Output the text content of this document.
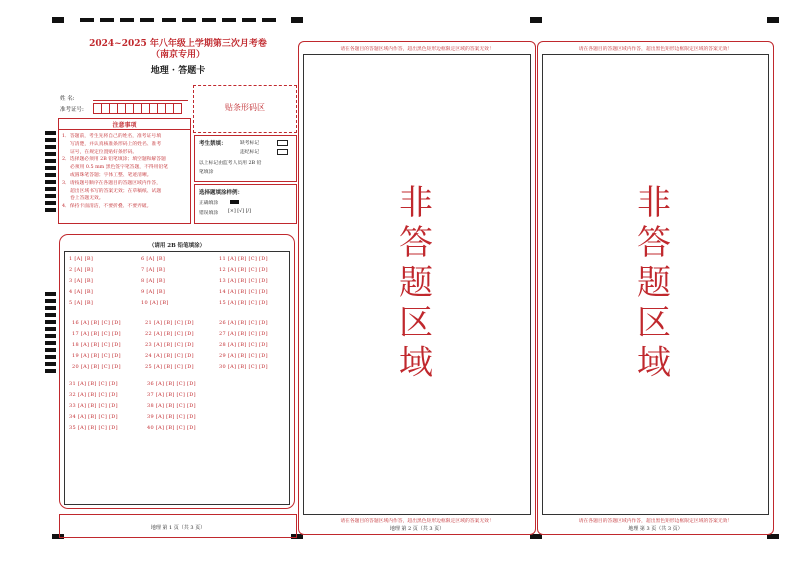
2024~2025 年八年级上学期第三次月考卷
（南京专用）
地理 · 答题卡
姓 名:
准考证号:	贴条形码区
注意事项
1．答题前，考生先将自己的姓名，准考证号填
写清楚，并认真核准条形码上的姓名、准考
证号，在规定位置贴好条形码。
2．选择题必须用 2B 铅笔填涂；填空题和解答题
必须用 0.5 mm 黑色签字笔答题，不得用铅笔
或圆珠笔答题；字体工整、笔迹清晰。
3．请按题号顺序在各题目的答题区域内作答，
超出区域书写的答案无效；在草稿纸、试题
卷上答题无效。
4．保持卡面清洁，不要折叠、不要弄破。
考生禁填：	缺考标记
违纪标记
以上标记由监考人员用 2B 铅
笔填涂
选择题填涂样例：
正确填涂
错误填涂 [×] [√] [/]
（请用 2B 铅笔填涂）
1 [A] [B]
2 [A] [B]
3 [A] [B]
4 [A] [B]
5 [A] [B]
6 [A] [B]
7 [A] [B]
8 [A] [B]
9 [A] [B]
10 [A] [B]
11 [A] [B] [C] [D]
12 [A] [B] [C] [D]
13 [A] [B] [C] [D]
14 [A] [B] [C] [D]
15 [A] [B] [C] [D]
16 [A] [B] [C] [D]
17 [A] [B] [C] [D]
18 [A] [B] [C] [D]
19 [A] [B] [C] [D]
20 [A] [B] [C] [D]
21 [A] [B] [C] [D]
22 [A] [B] [C] [D]
23 [A] [B] [C] [D]
24 [A] [B] [C] [D]
25 [A] [B] [C] [D]
26 [A] [B] [C] [D]
27 [A] [B] [C] [D]
28 [A] [B] [C] [D]
29 [A] [B] [C] [D]
30 [A] [B] [C] [D]
31 [A] [B] [C] [D]
32 [A] [B] [C] [D]
33 [A] [B] [C] [D]
34 [A] [B] [C] [D]
35 [A] [B] [C] [D]
36 [A] [B] [C] [D]
37 [A] [B] [C] [D]
38 [A] [B] [C] [D]
39 [A] [B] [C] [D]
40 [A] [B] [C] [D]
地理 第 1 页（共 3 页）
请在各题目的答题区域内作答，超出黑色矩形边框限定区域的答案无效！
请在各题目的答题区域内作答，超出黑色矩形边框限定区域的答案无效！
地理 第 2 页（共 3 页）
非
答
题
区
域
请在各题目的答题区域内作答，超出黑色矩形边框限定区域的答案无效！
请在各题目的答题区域内作答，超出黑色矩形边框限定区域的答案无效！
地理 第 3 页（共 3 页）
非
答
题
区
域
